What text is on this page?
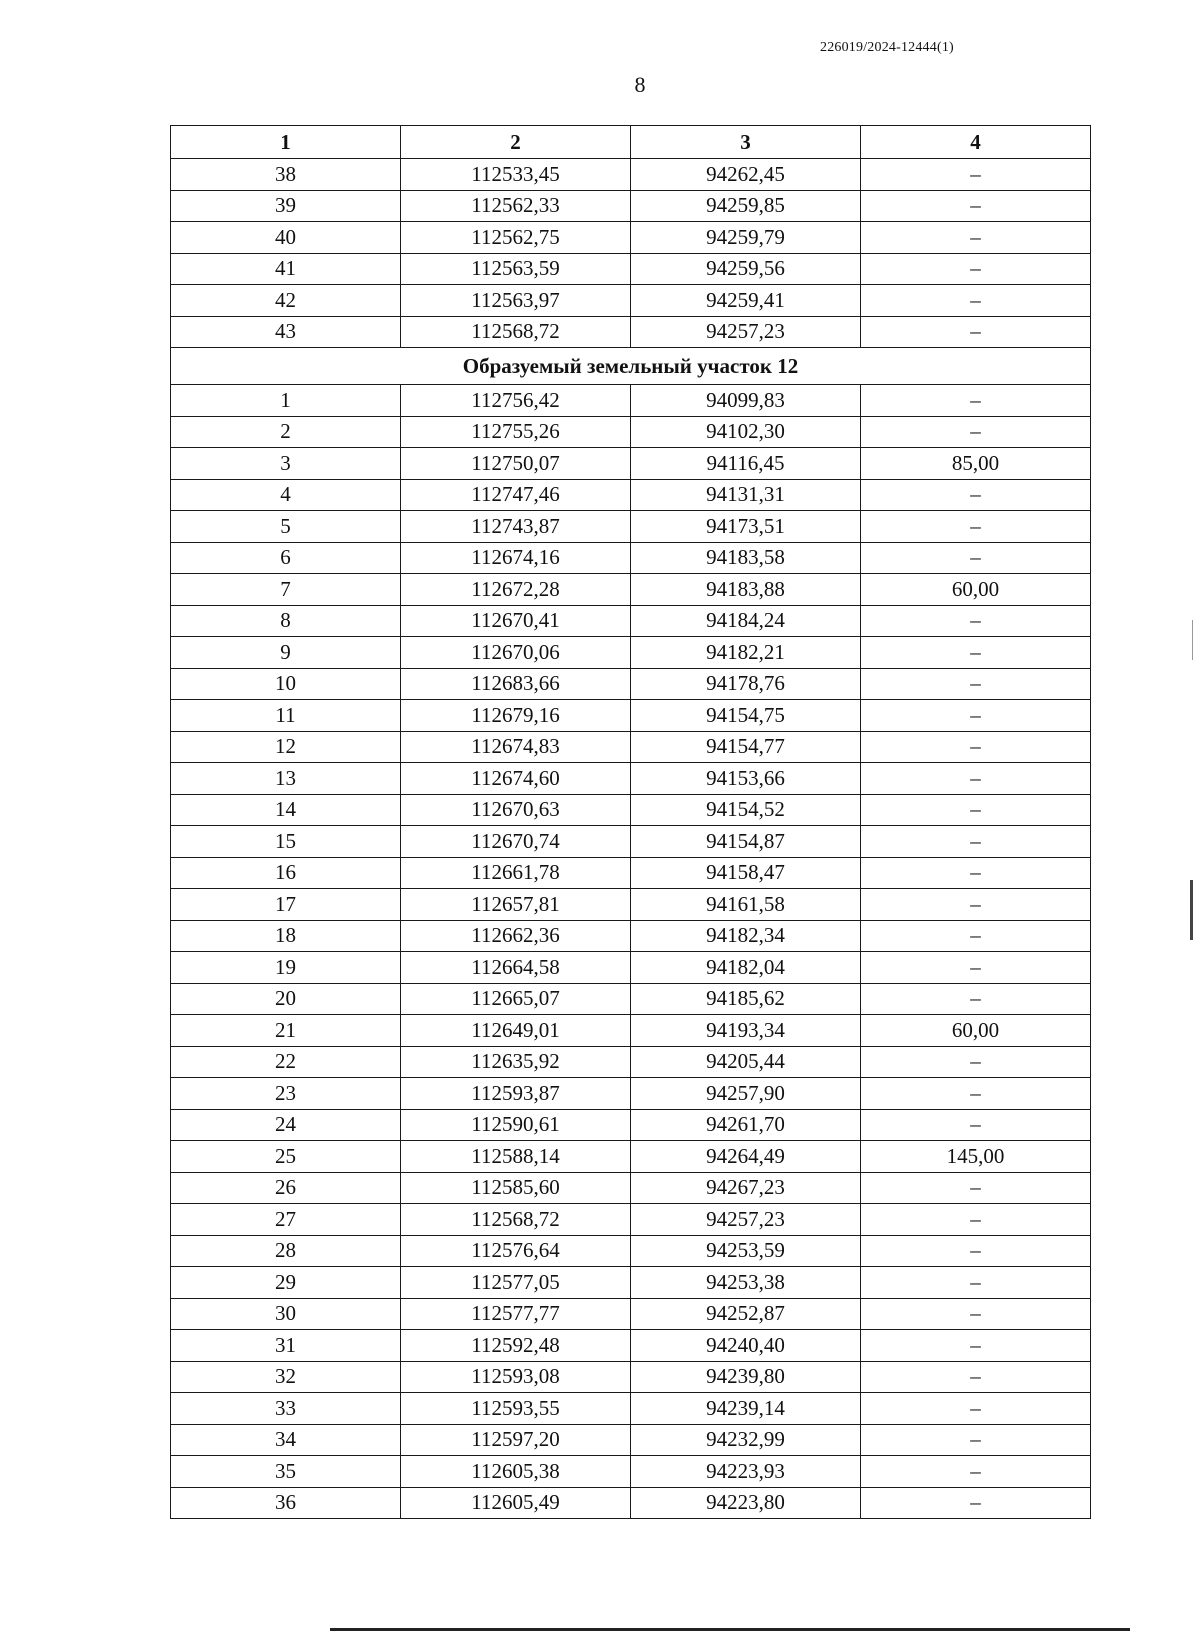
226019/2024-12444(1)
8
1	2	3	4
38	112533,45	94262,45	–
39	112562,33	94259,85	–
40	112562,75	94259,79	–
41	112563,59	94259,56	–
42	112563,97	94259,41	–
43	112568,72	94257,23	–
Образуемый земельный участок 12			
1	112756,42	94099,83	–
2	112755,26	94102,30	–
3	112750,07	94116,45	85,00
4	112747,46	94131,31	–
5	112743,87	94173,51	–
6	112674,16	94183,58	–
7	112672,28	94183,88	60,00
8	112670,41	94184,24	–
9	112670,06	94182,21	–
10	112683,66	94178,76	–
11	112679,16	94154,75	–
12	112674,83	94154,77	–
13	112674,60	94153,66	–
14	112670,63	94154,52	–
15	112670,74	94154,87	–
16	112661,78	94158,47	–
17	112657,81	94161,58	–
18	112662,36	94182,34	–
19	112664,58	94182,04	–
20	112665,07	94185,62	–
21	112649,01	94193,34	60,00
22	112635,92	94205,44	–
23	112593,87	94257,90	–
24	112590,61	94261,70	–
25	112588,14	94264,49	145,00
26	112585,60	94267,23	–
27	112568,72	94257,23	–
28	112576,64	94253,59	–
29	112577,05	94253,38	–
30	112577,77	94252,87	–
31	112592,48	94240,40	–
32	112593,08	94239,80	–
33	112593,55	94239,14	–
34	112597,20	94232,99	–
35	112605,38	94223,93	–
36	112605,49	94223,80	–
